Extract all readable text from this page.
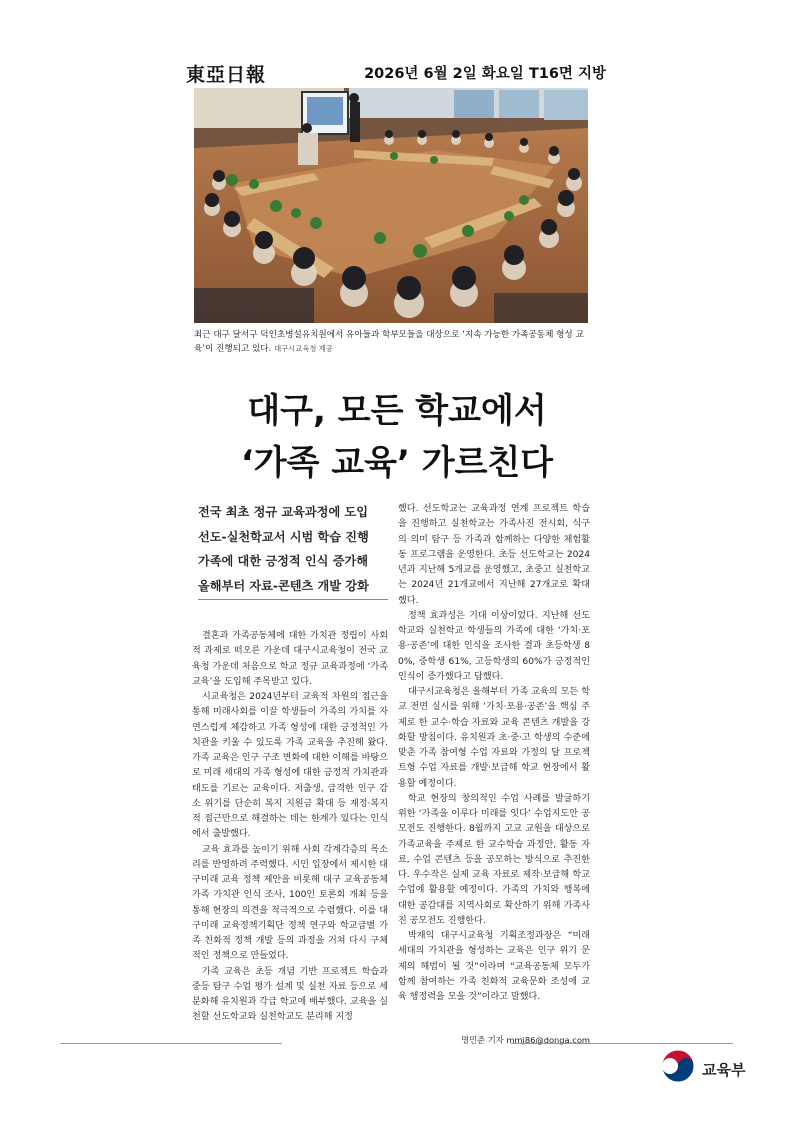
東亞日報	2026년 6월 2일 화요일 T16면 지방
최근 대구 달서구 덕인초병설유치원에서 유아들과 학부모들을 대상으로 ‘지속 가능한 가족공동체 형성 교육’이 진행되고 있다. 대구시교육청 제공
대구, 모든 학교에서
‘가족 교육’ 가르친다
전국 최초 정규 교육과정에 도입
선도-실천학교서 시범 학습 진행
가족에 대한 긍정적 인식 증가해
올해부터 자료-콘텐츠 개발 강화

결혼과 가족공동체에 대한 가치관 정립이 사회적 과제로 떠오른 가운데 대구시교육청이 전국 교육청 가운데 처음으로 학교 정규 교육과정에 ‘가족 교육’을 도입해 주목받고 있다.

시교육청은 2024년부터 교육적 차원의 접근을 통해 미래사회를 이끌 학생들이 가족의 가치를 자연스럽게 체감하고 가족 형성에 대한 긍정적인 가치관을 키울 수 있도록 가족 교육을 추진해 왔다. 가족 교육은 인구 구조 변화에 대한 이해를 바탕으로 미래 세대의 가족 형성에 대한 긍정적 가치관과 태도를 기르는 교육이다. 저출생, 급격한 인구 감소 위기를 단순히 복지 지원금 확대 등 재정·복지적 접근만으로 해결하는 데는 한계가 있다는 인식에서 출발했다.

교육 효과를 높이기 위해 사회 각계각층의 목소리를 반영하려 주력했다. 시민 입장에서 제시한 대구미래 교육 정책 제안을 비롯해 대구 교육공동체 가족 가치관 인식 조사, 100인 토론회 개최 등을 통해 현장의 의견을 적극적으로 수렴했다. 이를 대구미래 교육정책기획단 정책 연구와 학교급별 가족 친화적 정책 개발 등의 과정을 거쳐 다시 구체적인 정책으로 만들었다.

가족 교육은 초등 개념 기반 프로젝트 학습과 중등 탐구 수업 평가 설계 및 실천 자료 등으로 세분화해 유치원과 각급 학교에 배부했다. 교육을 실천할 선도학교와 실천학교도 분리해 지정

했다. 선도학교는 교육과정 연계 프로젝트 학습을 진행하고 실천학교는 가족사진 전시회, 식구의 의미 탐구 등 가족과 함께하는 다양한 체험활동 프로그램을 운영한다. 초등 선도학교는 2024년과 지난해 5개교를 운영했고, 초중고 실천학교는 2024년 21개교에서 지난해 27개교로 확대했다.

정책 효과성은 기대 이상이었다. 지난해 선도학교와 실천학교 학생들의 가족에 대한 ‘가치·포용·공존’에 대한 인식을 조사한 결과 초등학생 80%, 중학생 61%, 고등학생의 60%가 긍정적인 인식이 증가했다고 답했다.

대구시교육청은 올해부터 가족 교육의 모든 학교 전면 실시를 위해 ‘가치·포용·공존’을 핵심 주제로 한 교수·학습 자료와 교육 콘텐츠 개발을 강화할 방침이다. 유치원과 초·중·고 학생의 수준에 맞춘 가족 참여형 수업 자료와 가정의 달 프로젝트형 수업 자료를 개발·보급해 학교 현장에서 활용할 예정이다.

학교 현장의 창의적인 수업 사례를 발굴하기 위한 ‘가족을 이루다 미래를 잇다’ 수업지도안 공모전도 진행한다. 8월까지 고교 교원을 대상으로 가족교육을 주제로 한 교수학습 과정안, 활동 자료, 수업 콘텐츠 등을 공모하는 방식으로 추진한다. 우수작은 실제 교육 자료로 제작·보급해 학교 수업에 활용할 예정이다. 가족의 가치와 행복에 대한 공감대를 지역사회로 확산하기 위해 가족사진 공모전도 진행한다.

박재익 대구시교육청 기획조정과장은 “미래 세대의 가치관을 형성하는 교육은 인구 위기 문제의 해법이 될 것”이라며 “교육공동체 모두가 함께 참여하는 가족 친화적 교육문화 조성에 교육 행정력을 모을 것”이라고 말했다.

명민준 기자 mmj86@donga.com
교육부
